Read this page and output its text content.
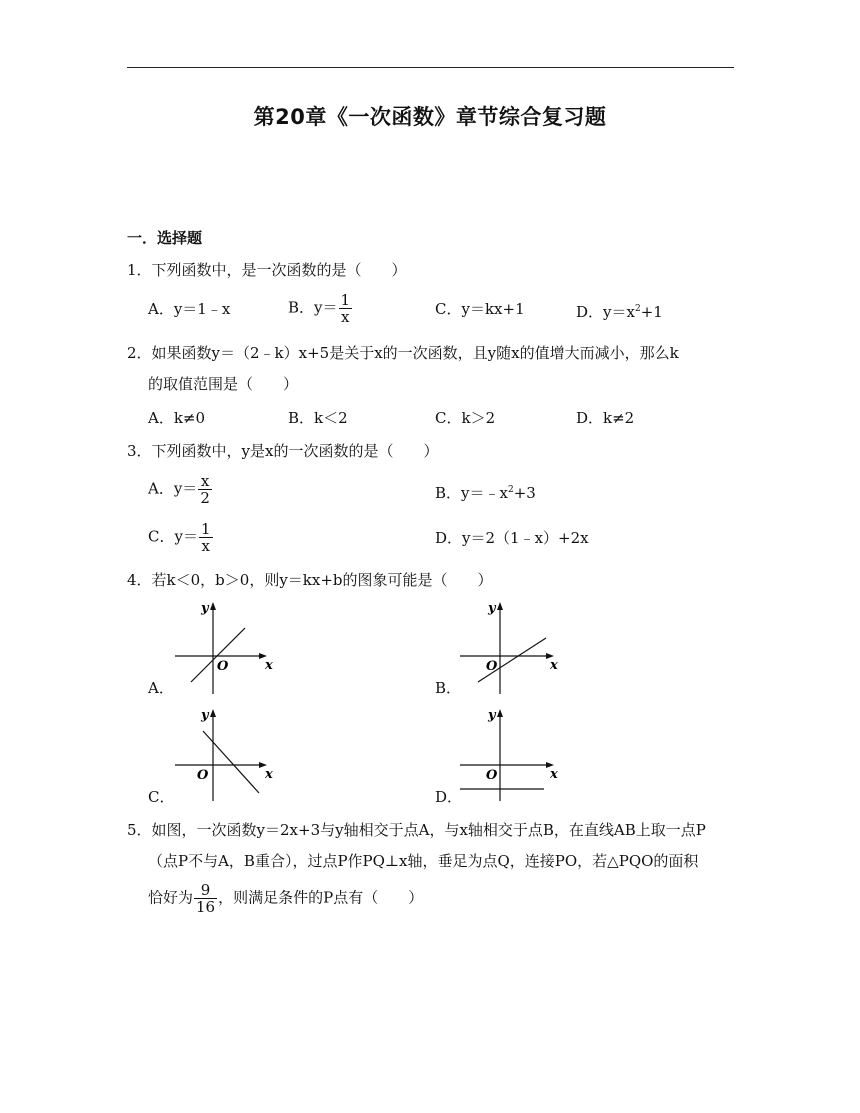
第20章《一次函数》章节综合复习题
一．选择题
1．下列函数中，是一次函数的是（　　）
A．y＝1﹣x	B．$y= \frac{1}{x}$	C．y＝kx+1	D．$y=x^2+1$
2．如果函数y＝（2﹣k）x+5是关于x的一次函数，且y随x的值增大而减小，那么k
的取值范围是（　　）
A．k≠0	B．k＜2	C．k＞2	D．k≠2
3．下列函数中，y是x的一次函数的是（　　）
A．$y= \frac{x}{2}$	B．$y=﹣x^2+3$
C．$y= \frac{1}{x}$	D．y＝2（1﹣x）+2x
4．若k＜0，b＞0，则y＝kx+b的图象可能是（　　）
A．
y
x
O
B．
y
x
O
C．
y
x
O
D．
y
x
O
5．如图，一次函数y＝2x+3与y轴相交于点A，与x轴相交于点B，在直线AB上取一点P
（点P不与A，B重合），过点P作PQ⊥x轴，垂足为点Q，连接PO，若△PQO的面积
恰好为 $\frac{9}{16}$ ，则满足条件的P点有（　　）
